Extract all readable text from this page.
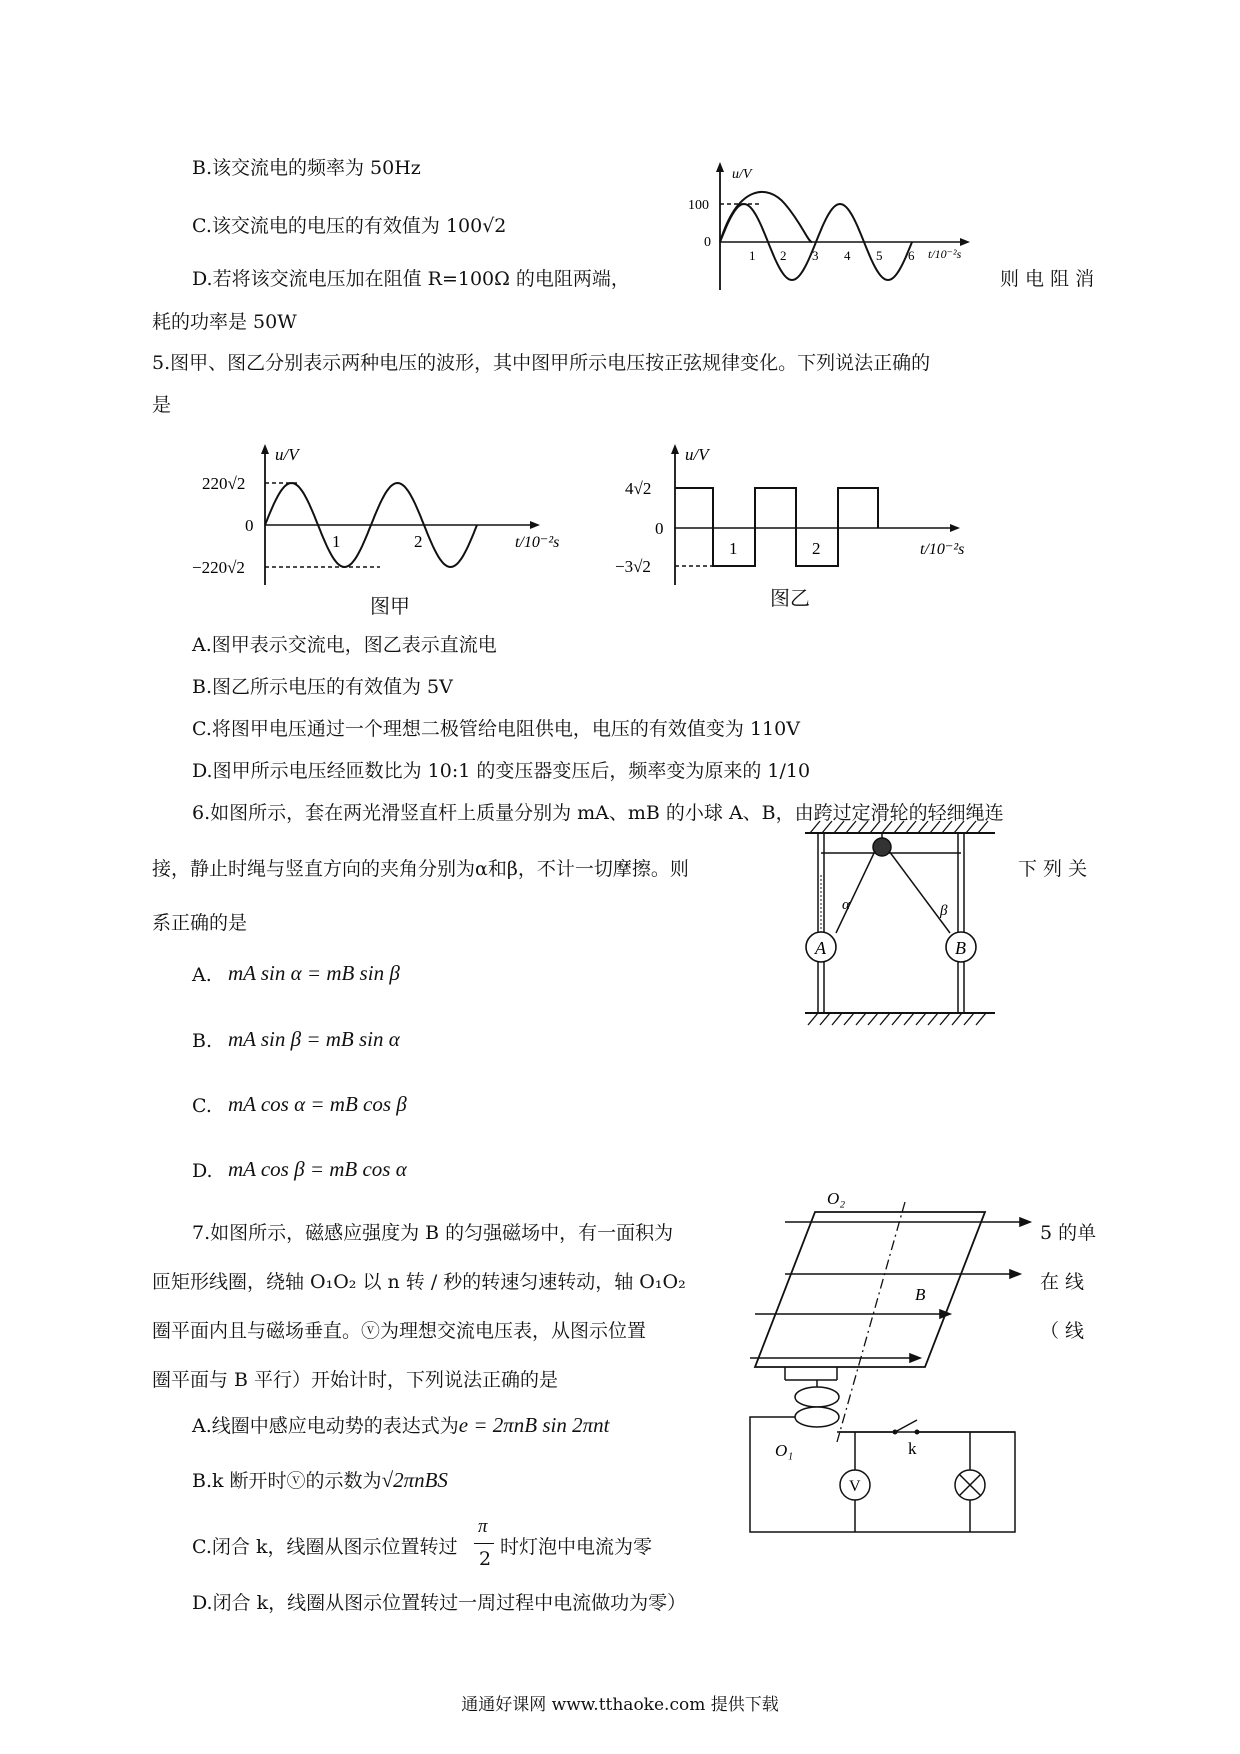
B.该交流电的频率为 50Hz
C.该交流电的电压的有效值为 100√2
D.若将该交流电压加在阻值 R=100Ω 的电阻两端，	则 电 阻 消
耗的功率是 50W
u/V
100
0
1 2 3 4 5 6 t/10⁻²s
5.图甲、图乙分别表示两种电压的波形，其中图甲所示电压按正弦规律变化。下列说法正确的
是
u/V
220√2
0
−220√2
1	2	t/10⁻²s
图甲
u/V
4√2
0
−3√2
1	2	t/10⁻²s
图乙
A.图甲表示交流电，图乙表示直流电
B.图乙所示电压的有效值为 5V
C.将图甲电压通过一个理想二极管给电阻供电，电压的有效值变为 110V
D.图甲所示电压经匝数比为 10:1 的变压器变压后，频率变为原来的 1/10
6.如图所示，套在两光滑竖直杆上质量分别为 mA、mB 的小球 A、B，由跨过定滑轮的轻细绳连
接，静止时绳与竖直方向的夹角分别为α和β，不计一切摩擦。则	下 列 关
系正确的是
A. mA sin α = mB sin β
B. mA sin β = mB sin α
C. mA cos α = mB cos β
D. mA cos β = mB cos α
A	B
α	β
7.如图所示，磁感应强度为 B 的匀强磁场中，有一面积为	5 的单
匝矩形线圈，绕轴 O₁O₂ 以 n 转 / 秒的转速匀速转动，轴 O₁O₂	在 线
圈平面内且与磁场垂直。ⓥ为理想交流电压表，从图示位置	（ 线
圈平面与 B 平行）开始计时，下列说法正确的是
A.线圈中感应电动势的表达式为e = 2πnB sin 2πnt
B.k 断开时ⓥ的示数为√2πnBS
C.闭合 k，线圈从图示位置转过
π
2
时灯泡中电流为零
D.闭合 k，线圈从图示位置转过一周过程中电流做功为零）
V
O₂
B
O₁	k
通通好课网 www.tthaoke.com 提供下载
